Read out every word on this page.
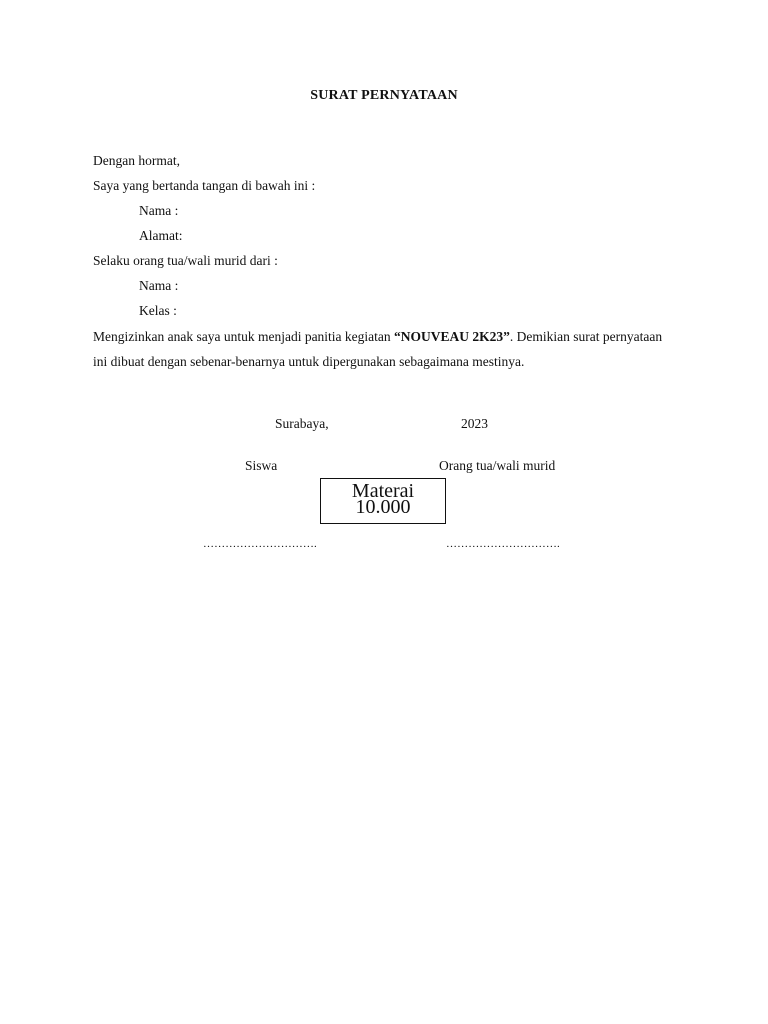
SURAT PERNYATAAN
Dengan hormat,
Saya yang bertanda tangan di bawah ini :
Nama :
Alamat:
Selaku orang tua/wali murid dari :
Nama :
Kelas :
Mengizinkan anak saya untuk menjadi panitia kegiatan “NOUVEAU 2K23”. Demikian surat pernyataan ini dibuat dengan sebenar-benarnya untuk dipergunakan sebagaimana mestinya.
Surabaya,	2023
Siswa	Orang tua/wali murid
Materai
10.000
………………………….	………………………….
